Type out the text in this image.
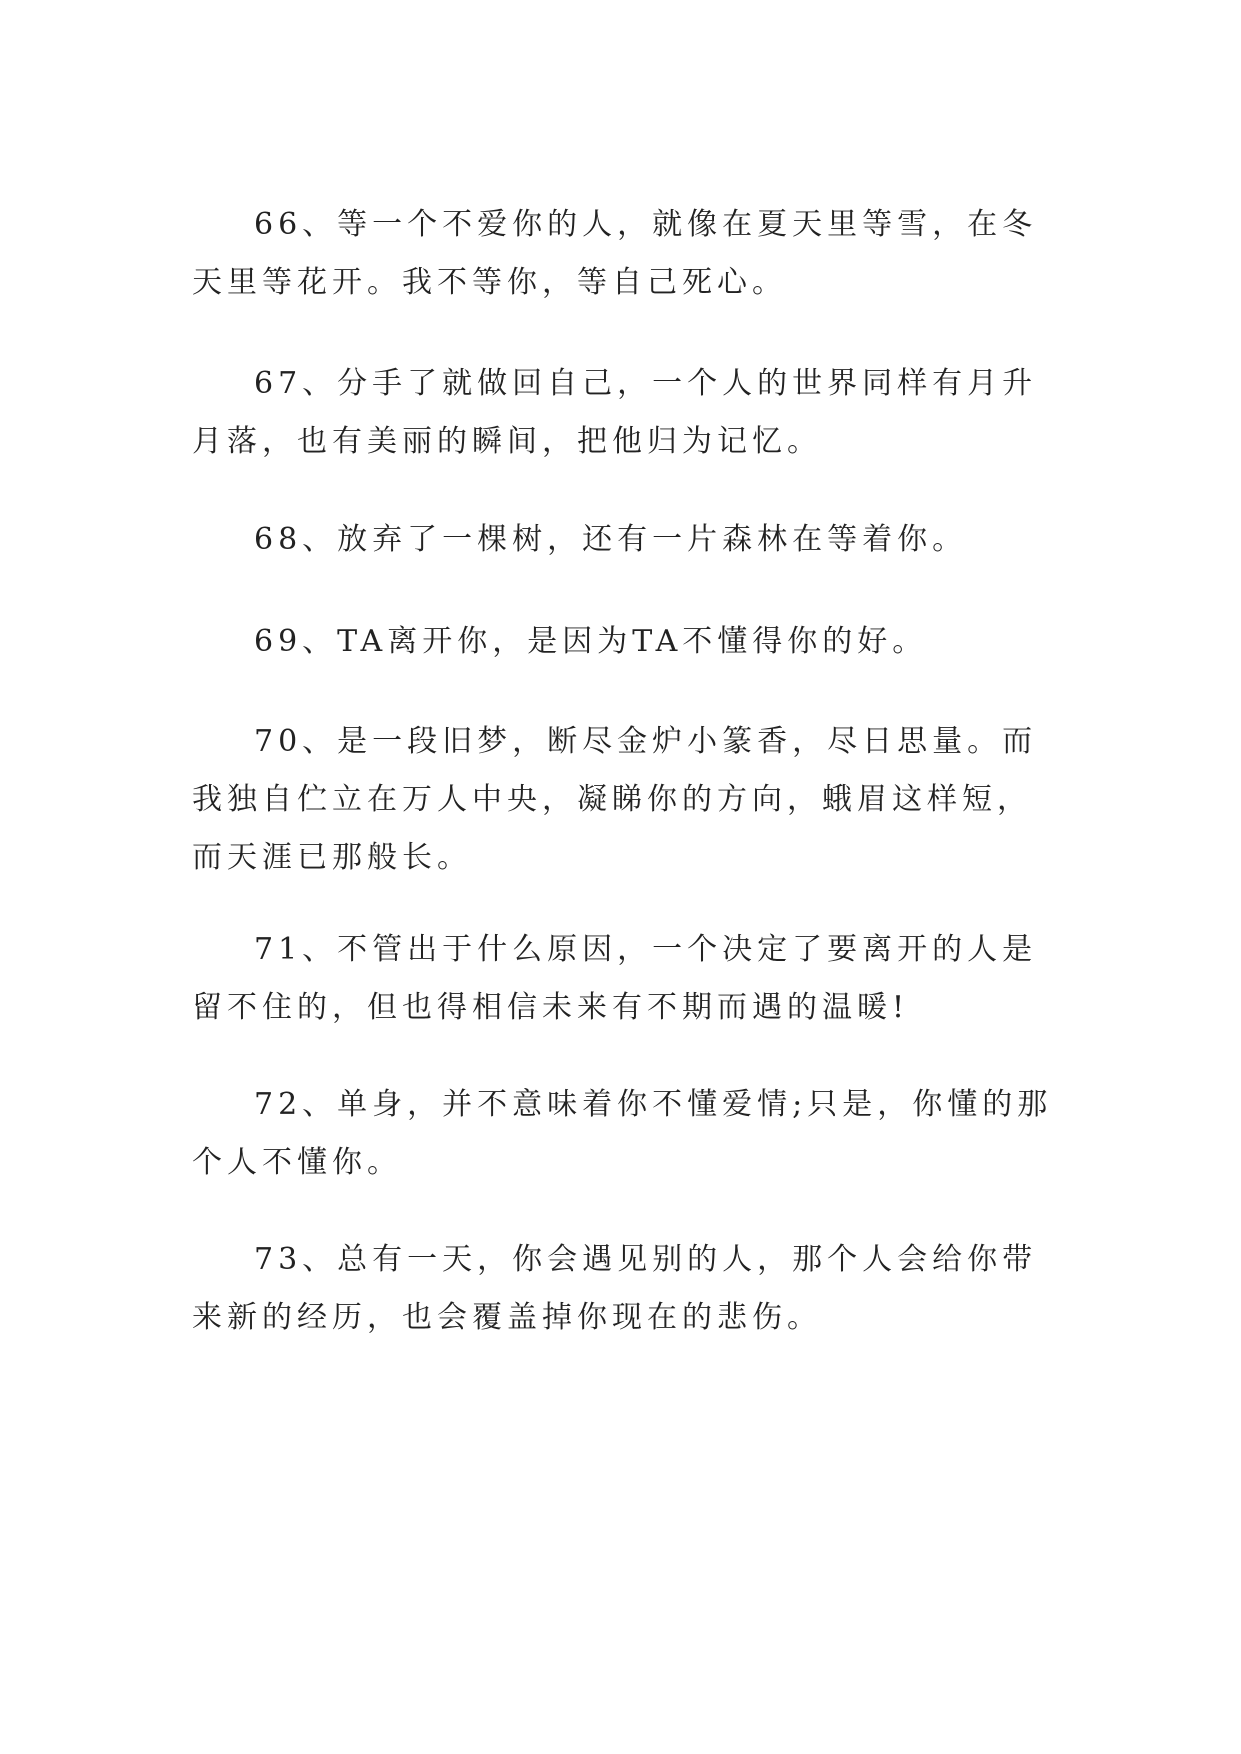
66、等一个不爱你的人，就像在夏天里等雪，在冬天里等花开。我不等你，等自己死心。

67、分手了就做回自己，一个人的世界同样有月升月落，也有美丽的瞬间，把他归为记忆。

68、放弃了一棵树，还有一片森林在等着你。

69、TA离开你，是因为TA不懂得你的好。

70、是一段旧梦，断尽金炉小篆香，尽日思量。而我独自伫立在万人中央，凝睇你的方向，蛾眉这样短，而天涯已那般长。

71、不管出于什么原因，一个决定了要离开的人是留不住的，但也得相信未来有不期而遇的温暖!

72、单身，并不意味着你不懂爱情;只是，你懂的那个人不懂你。

73、总有一天，你会遇见别的人，那个人会给你带来新的经历，也会覆盖掉你现在的悲伤。
